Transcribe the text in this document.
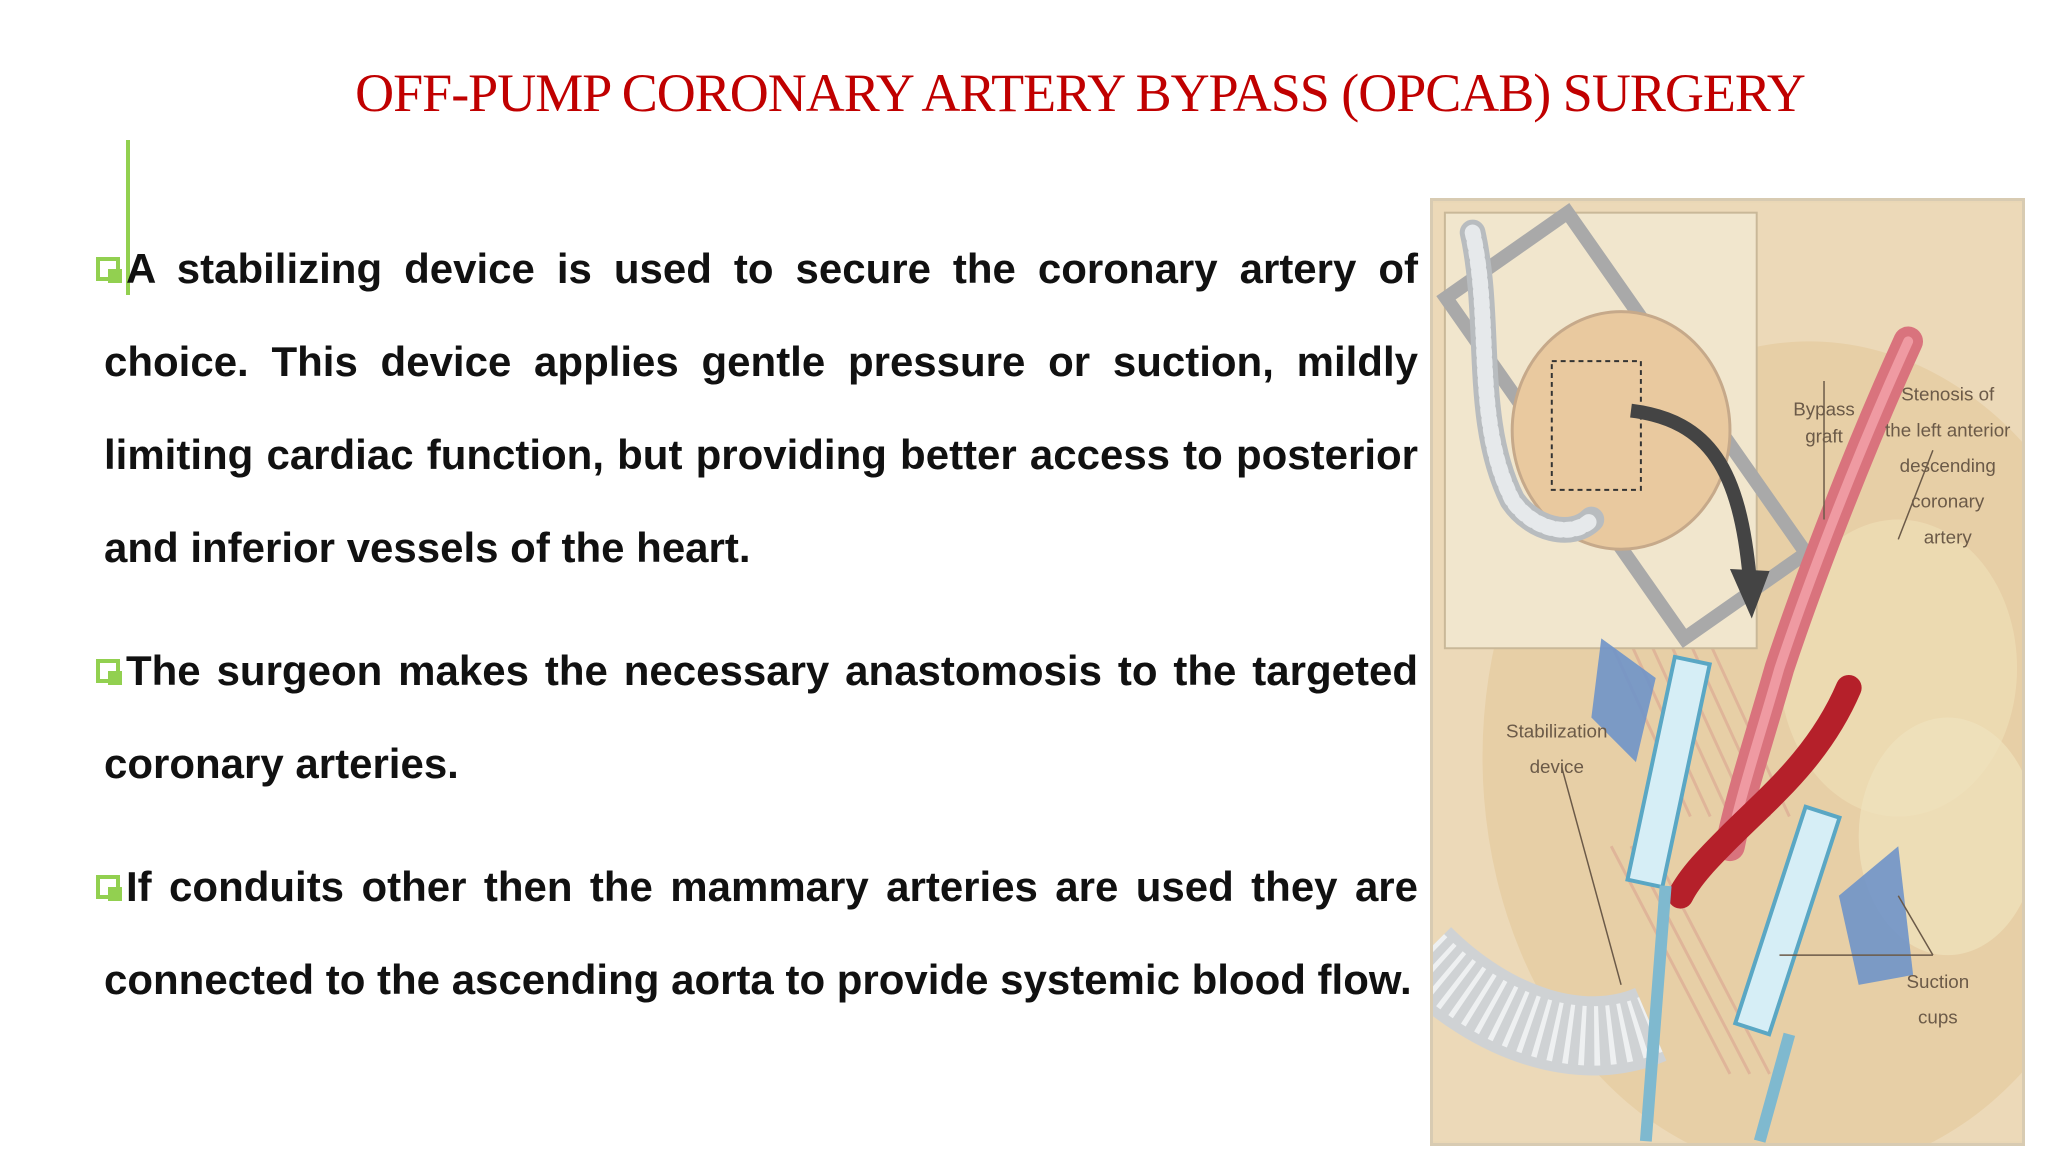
OFF-PUMP CORONARY ARTERY BYPASS (OPCAB) SURGERY

A stabilizing device is used to secure the coronary artery of choice. This device applies gentle pressure or suction, mildly limiting cardiac function, but providing better access to posterior and inferior vessels of the heart.

The surgeon makes the necessary anastomosis to the targeted coronary arteries.

If conduits other then the mammary arteries are used they are connected to the ascending aorta to provide systemic blood flow.

Bypass graft
Stenosis of the left anterior descending coronary artery
Stabilization device
Suction cups
